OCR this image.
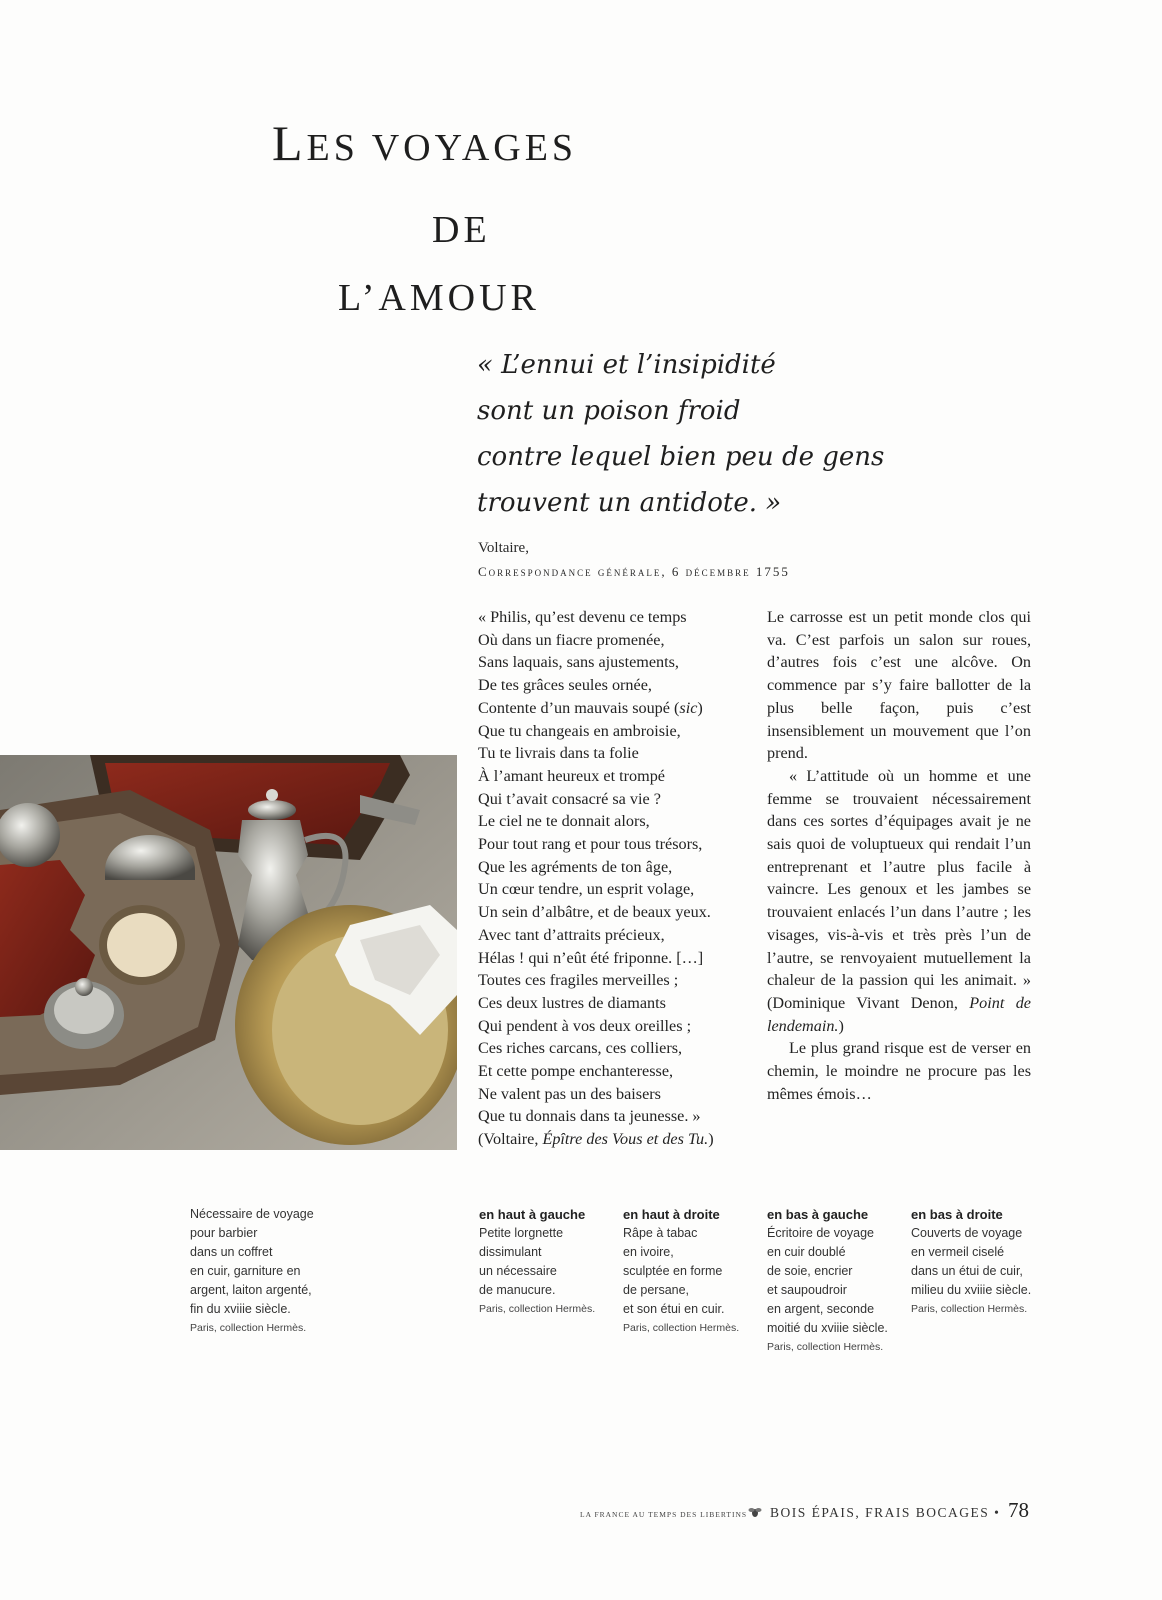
LES VOYAGES
DE
L’AMOUR
« L’ennui et l’insipidité
sont un poison froid
contre lequel bien peu de gens
trouvent un antidote. »
Voltaire,
Correspondance générale, 6 décembre 1755
« Philis, qu’est devenu ce temps
Où dans un fiacre promenée,
Sans laquais, sans ajustements,
De tes grâces seules ornée,
Contente d’un mauvais soupé (sic)
Que tu changeais en ambroisie,
Tu te livrais dans ta folie
À l’amant heureux et trompé
Qui t’avait consacré sa vie ?
Le ciel ne te donnait alors,
Pour tout rang et pour tous trésors,
Que les agréments de ton âge,
Un cœur tendre, un esprit volage,
Un sein d’albâtre, et de beaux yeux.
Avec tant d’attraits précieux,
Hélas ! qui n’eût été friponne. […]
Toutes ces fragiles merveilles ;
Ces deux lustres de diamants
Qui pendent à vos deux oreilles ;
Ces riches carcans, ces colliers,
Et cette pompe enchanteresse,
Ne valent pas un des baisers
Que tu donnais dans ta jeunesse. »
(Voltaire, Épître des Vous et des Tu.)

Le carrosse est un petit monde clos qui va. C’est parfois un salon sur roues, d’autres fois c’est une alcôve. On commence par s’y faire ballotter de la plus belle façon, puis c’est insensiblement un mouvement que l’on prend.

« L’attitude où un homme et une femme se trouvaient nécessairement dans ces sortes d’équipages avait je ne sais quoi de voluptueux qui rendait l’un entreprenant et l’autre plus facile à vaincre. Les genoux et les jambes se trouvaient enlacés l’un dans l’autre ; les visages, vis-à-vis et très près l’un de l’autre, se renvoyaient mutuellement la chaleur de la passion qui les animait. » (Dominique Vivant Denon, Point de lendemain.)

Le plus grand risque est de verser en chemin, le moindre ne procure pas les mêmes émois…

Nécessaire de voyage
pour barbier
dans un coffret
en cuir, garniture en
argent, laiton argenté,
fin du xviiie siècle.
Paris, collection Hermès.
en haut à gauche
Petite lorgnette
dissimulant
un nécessaire
de manucure.
Paris, collection Hermès.
en haut à droite
Râpe à tabac
en ivoire,
sculptée en forme
de persane,
et son étui en cuir.
Paris, collection Hermès.
en bas à gauche
Écritoire de voyage
en cuir doublé
de soie, encrier
et saupoudroir
en argent, seconde
moitié du xviiie siècle.
Paris, collection Hermès.
en bas à droite
Couverts de voyage
en vermeil ciselé
dans un étui de cuir,
milieu du xviiie siècle.
Paris, collection Hermès.
LA FRANCE AU TEMPS DES LIBERTINS BOIS ÉPAIS, FRAIS BOCAGES • 78
